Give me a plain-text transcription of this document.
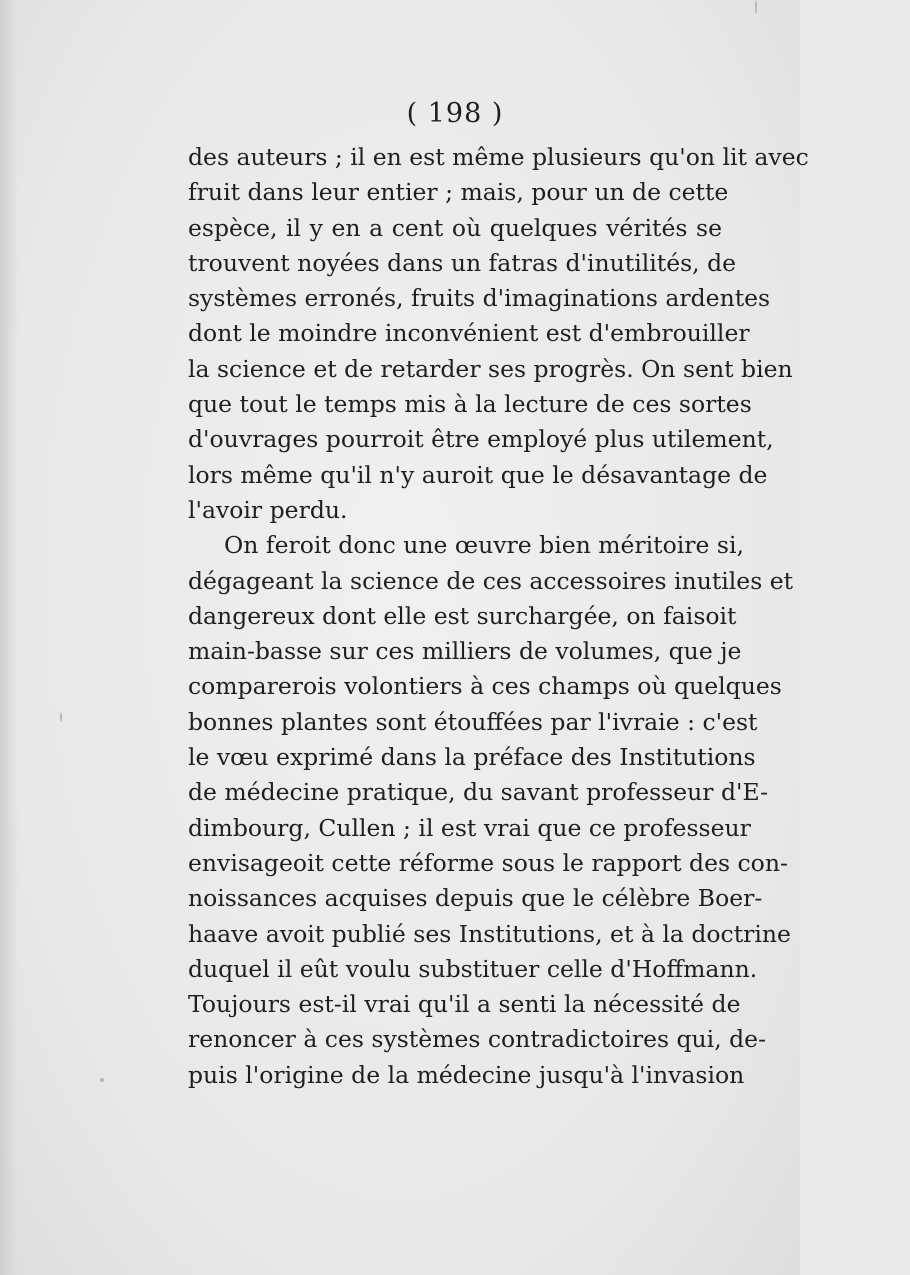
( 198 )
des auteurs ; il en est même plusieurs qu'on lit avec
fruit dans leur entier ; mais, pour un de cette
espèce, il y en a cent où quelques vérités se
trouvent noyées dans un fatras d'inutilités, de
systèmes erronés, fruits d'imaginations ardentes
dont le moindre inconvénient est d'embrouiller
la science et de retarder ses progrès. On sent bien
que tout le temps mis à la lecture de ces sortes
d'ouvrages pourroit être employé plus utilement,
lors même qu'il n'y auroit que le désavantage de
l'avoir perdu.
On feroit donc une œuvre bien méritoire si,
dégageant la science de ces accessoires inutiles et
dangereux dont elle est surchargée, on faisoit
main-basse sur ces milliers de volumes, que je
comparerois volontiers à ces champs où quelques
bonnes plantes sont étouffées par l'ivraie : c'est
le vœu exprimé dans la préface des Institutions
de médecine pratique, du savant professeur d'E-
dimbourg, Cullen ; il est vrai que ce professeur
envisageoit cette réforme sous le rapport des con-
noissances acquises depuis que le célèbre Boer-
haave avoit publié ses Institutions, et à la doctrine
duquel il eût voulu substituer celle d'Hoffmann.
Toujours est-il vrai qu'il a senti la nécessité de
renoncer à ces systèmes contradictoires qui, de-
puis l'origine de la médecine jusqu'à l'invasion
